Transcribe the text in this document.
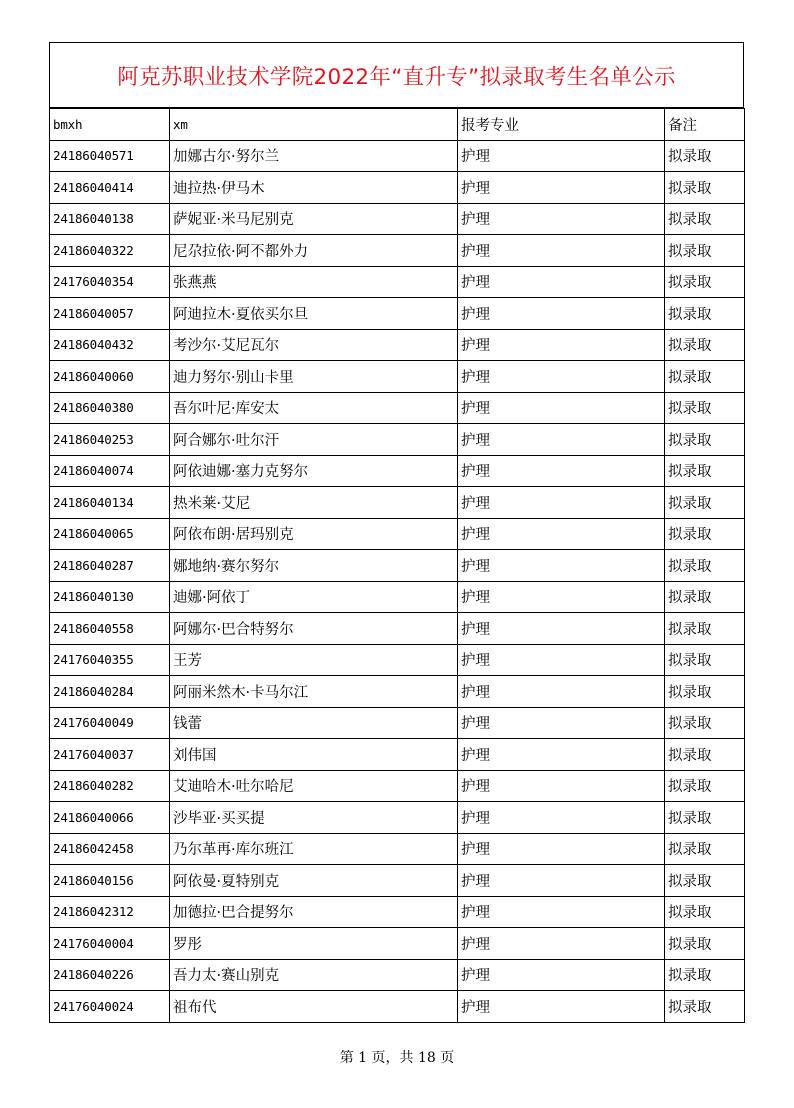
阿克苏职业技术学院2022年“直升专”拟录取考生名单公示
bmxh	xm	报考专业	备注
24186040571	加娜古尔·努尔兰	护理	拟录取
24186040414	迪拉热·伊马木	护理	拟录取
24186040138	萨妮亚·米马尼别克	护理	拟录取
24186040322	尼尕拉依·阿不都外力	护理	拟录取
24176040354	张燕燕	护理	拟录取
24186040057	阿迪拉木·夏依买尔旦	护理	拟录取
24186040432	考沙尔·艾尼瓦尔	护理	拟录取
24186040060	迪力努尔·别山卡里	护理	拟录取
24186040380	吾尔叶尼·库安太	护理	拟录取
24186040253	阿合娜尔·吐尔汗	护理	拟录取
24186040074	阿依迪娜·塞力克努尔	护理	拟录取
24186040134	热米莱·艾尼	护理	拟录取
24186040065	阿依布朗·居玛别克	护理	拟录取
24186040287	娜地纳·赛尔努尔	护理	拟录取
24186040130	迪娜·阿依丁	护理	拟录取
24186040558	阿娜尔·巴合特努尔	护理	拟录取
24176040355	王芳	护理	拟录取
24186040284	阿丽米然木·卡马尔江	护理	拟录取
24176040049	钱蕾	护理	拟录取
24176040037	刘伟国	护理	拟录取
24186040282	艾迪哈木·吐尔哈尼	护理	拟录取
24186040066	沙毕亚·买买提	护理	拟录取
24186042458	乃尔革再·库尔班江	护理	拟录取
24186040156	阿依曼·夏特别克	护理	拟录取
24186042312	加德拉·巴合提努尔	护理	拟录取
24176040004	罗彤	护理	拟录取
24186040226	吾力太·赛山别克	护理	拟录取
24176040024	祖布代	护理	拟录取
第 1 页，共 18 页
